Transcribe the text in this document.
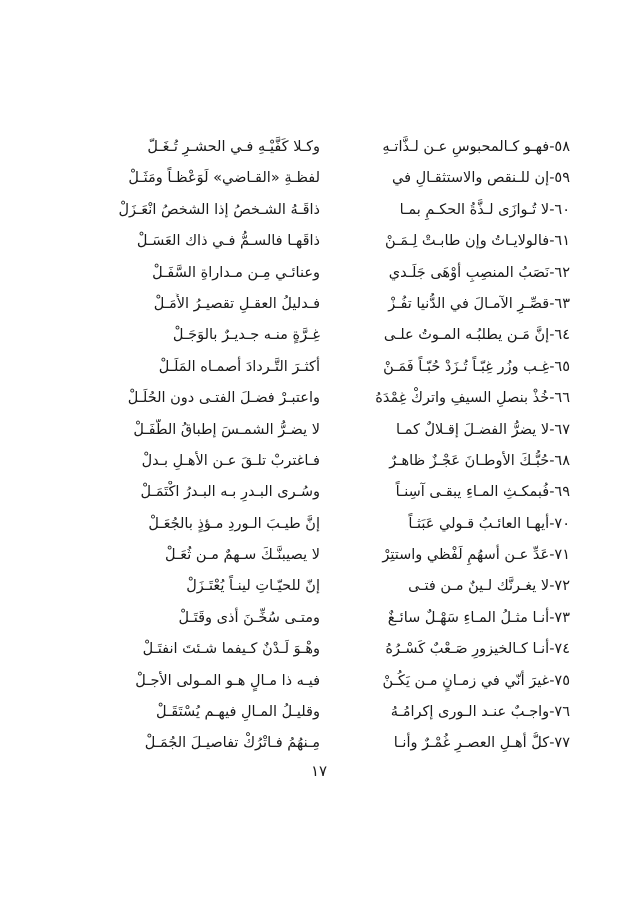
٥٨-فهـو كـالمحبوسِ عـن لـذَّاتـهِ
وكـلا كَفَّيْـهِ فـي الحشـرِ تُـغَـلّ
٥٩-إن للـنقص والاستثقـالِ في
لفظـةِ «القـاضي» لَوَعْظـاً ومَثَـلْ
٦٠-لا تُـوازَى لـذَّةُ الحكـمِ بمـا
ذاقَـهُ الشـخصُ إذا الشخصُ انْعَـزَلْ
٦١-فالولايـاتُ وإن طابـتْ لِـمَـنْ
ذاقَهـا فالسـمُّ فـي ذاك العَسَـلْ
٦٢-نَصَبُ المنصِبِ أَوْهَى جَلَـدي
وعنائـي مِـن مـداراةِ السَّفَـلْ
٦٣-قصِّـرِ الآمـالَ في الدُّنيا تفُـزْ
فـدليلُ العقـلِ تقصيـرُ الأَمَـلْ
٦٤-إنَّ مَـن يطلبُـه المـوتُ علـى
غِـرَّةٍ منـه جـديـرٌ بالوَجَـلْ
٦٥-غِـب وزُر غِبّـاً تُـزَدْ حُبّـاً فَمَـنْ
أكثـرَ التَّـردادَ أصمـاه المَلَـلْ
٦٦-خُذْ بنصلِ السيفِ واتركْ غِمْدَهُ
واعتبـرْ فضـلَ الفتـى دون الحُلَـلْ
٦٧-لا يضرُّ الفضـلَ إقـلالٌ كمـا
لا يضـرُّ الشمـسَ إطباقُ الطَّفَـلْ
٦٨-حُبُّـكَ الأوطـانَ عَجْـزٌ ظاهـرٌ
فـاغتربْ تلـقَ عـن الأهـلِ بـدلْ
٦٩-فُبمكـثِ المـاءِ يبقـى آسِنـاً
وسُـرى البـدرِ بـه البـدرُ اكْتَمَـلْ
٧٠-أيهـا العائـبُ قـولي عَبَثـاً
إنَّ طيـبَ الـوردِ مـؤذٍ بالجُعَـلْ
٧١-عَدِّ عـن أسهُمِ لَفْظي واستتِرْ
لا يصيبنَّـكَ سـهمٌ مـن ثُعَـلْ
٧٢-لا يغـرنَّك لـينٌ مـن فتـى
إنّ للحيّـاتِ لينـاً يُعْتَـزَلْ
٧٣-أنـا مثـلُ المـاءِ سَهْـلٌ سائـغٌ
ومتـى سُخِّـنَ أذى وقَتَـلْ
٧٤-أنـا كـالخيزورِ صَـعْبٌ كَسْـرُهُ
وهْـوَ لَـدْنٌ كـيفما شـئتَ انفتَـلْ
٧٥-غيرَ أنّي في زمـانٍ مـن يَكُـنْ
فيـه ذا مـالٍ هـو المـولى الأجـلْ
٧٦-واجـبٌ عنـد الـورى إكرامُـهُ
وقليـلُ المـالِ فيهـم يُسْتَقَـلْ
٧٧-كلُّ أهـلِ العصـرِ غُمْـرٌ وأنـا
مِـنهُمُ فـاتْرُكْ تفاصيـلَ الجُمَـلْ
١٧
